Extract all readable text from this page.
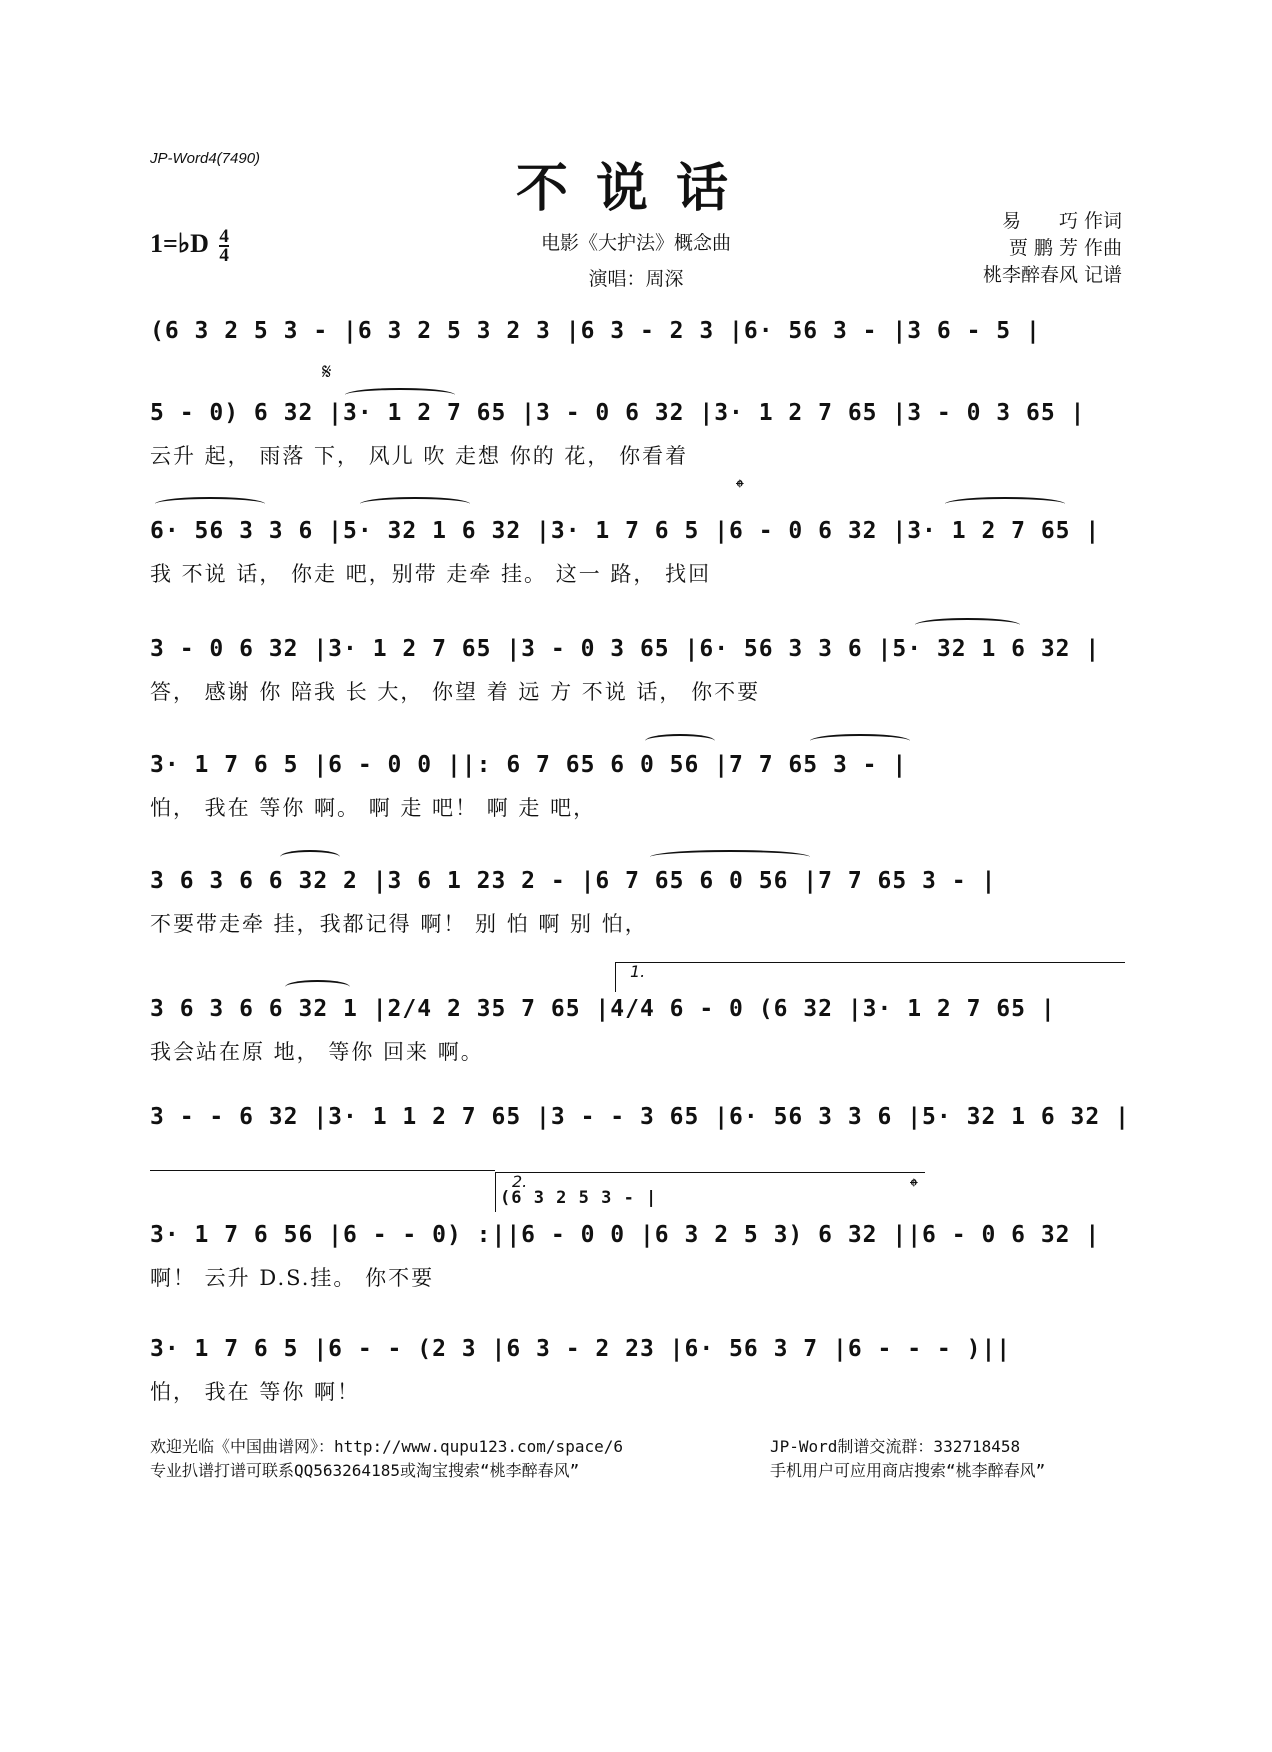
JP-Word4(7490)	不说话
1=♭D $\frac{4}{4}$	电影《大护法》概念曲
演唱：周深
易　　巧 作词
贾 鹏 芳 作曲
桃李醉春风 记谱
(6 3 2 5 3 - |6 3 2 5 3 2 3 |6 3 - 2 3 |6· 56 3 - |3 6 - 5 |
𝄋
5 - 0) 6 32 |3· 1 2 7 65 |3 - 0 6 32 |3· 1 2 7 65 |3 - 0 3 65 |
云升 起， 雨落 下， 风儿 吹 走想 你的 花， 你看着
𝄌
6· 56 3 3 6 |5· 32 1 6 32 |3· 1 7 6 5 |6 - 0 6 32 |3· 1 2 7 65 |
我 不说 话， 你走 吧，别带 走牵 挂。 这一 路， 找回
3 - 0 6 32 |3· 1 2 7 65 |3 - 0 3 65 |6· 56 3 3 6 |5· 32 1 6 32 |
答， 感谢 你 陪我 长 大， 你望 着 远 方 不说 话， 你不要
3· 1 7 6 5 |6 - 0 0 ||: 6 7 65 6 0 56 |7 7 65 3 - |
怕， 我在 等你 啊。 啊 走 吧！ 啊 走 吧，
3 6 3 6 6 32 2 |3 6 1 23 2 - |6 7 65 6 0 56 |7 7 65 3 - |
不要带走牵 挂，我都记得 啊！ 别 怕 啊 别 怕，
1.
3 6 3 6 6 32 1 |2/4 2 35 7 65 |4/4 6 - 0 (6 32 |3· 1 2 7 65 |
我会站在原 地， 等你 回来 啊。
3 - - 6 32 |3· 1 1 2 7 65 |3 - - 3 65 |6· 56 3 3 6 |5· 32 1 6 32 |
2.
(6 3 2 5 3 - |	𝄌
3· 1 7 6 56 |6 - - 0) :||6 - 0 0 |6 3 2 5 3) 6 32 ||6 - 0 6 32 |
啊！ 云升 D.S.挂。 你不要
3· 1 7 6 5 |6 - - (2 3 |6 3 - 2 23 |6· 56 3 7 |6 - - - )||
怕， 我在 等你 啊！
欢迎光临《中国曲谱网》：http://www.qupu123.com/space/6
专业扒谱打谱可联系QQ563264185或淘宝搜索“桃李醉春风”
JP-Word制谱交流群：332718458
手机用户可应用商店搜索“桃李醉春风”
